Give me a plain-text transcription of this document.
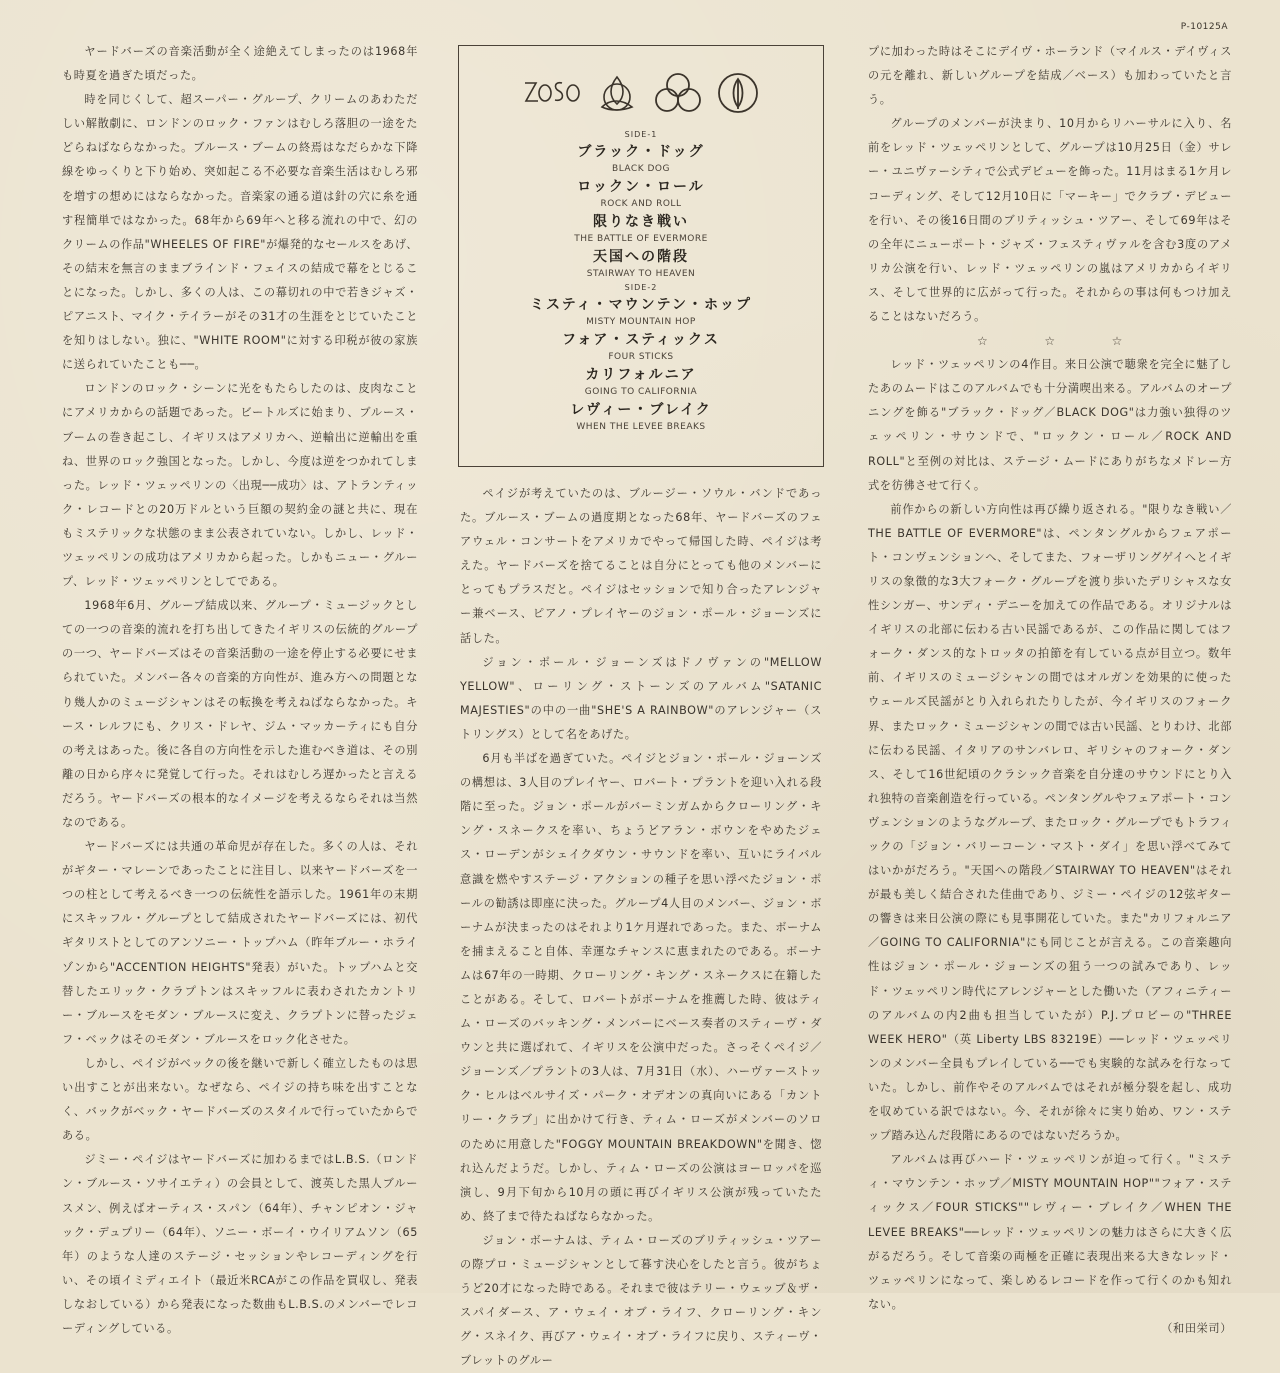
P-10125A

ヤードバーズの音楽活動が全く途絶えてしまったのは1968年も時夏を過ぎた頃だった。

時を同じくして、超スーパー・グループ、クリームのあわただしい解散劇に、ロンドンのロック・ファンはむしろ落胆の一途をたどらねばならなかった。ブルース・ブームの終焉はなだらかな下降線をゆっくりと下り始め、突如起こる不必要な音楽生活はむしろ邪を増すの想めにはならなかった。音楽家の通る道は針の穴に糸を通す程簡単ではなかった。68年から69年へと移る流れの中で、幻のクリームの作品"WHEELES OF FIRE"が爆発的なセールスをあげ、その結末を無言のままブラインド・フェイスの結成で幕をとじることになった。しかし、多くの人は、この幕切れの中で若きジャズ・ピアニスト、マイク・テイラーがその31才の生涯をとじていたことを知りはしない。独に、"WHITE ROOM"に対する印税が彼の家族に送られていたことも──。

ロンドンのロック・シーンに光をもたらしたのは、皮肉なことにアメリカからの話題であった。ビートルズに始まり、ブルース・ブームの巻き起こし、イギリスはアメリカへ、逆輸出に逆輸出を重ね、世界のロック強国となった。しかし、今度は逆をつかれてしまった。レッド・ツェッペリンの〈出現──成功〉は、アトランティック・レコードとの20万ドルという巨額の契約金の謎と共に、現在もミステリックな状態のまま公表されていない。しかし、レッド・ツェッペリンの成功はアメリカから起った。しかもニュー・グループ、レッド・ツェッペリンとしてである。

1968年6月、グループ結成以来、グループ・ミュージックとしての一つの音楽的流れを打ち出してきたイギリスの伝統的グループの一つ、ヤードバーズはその音楽活動の一途を停止する必要にせまられていた。メンバー各々の音楽的方向性が、進み方への問題となり幾人かのミュージシャンはその転換を考えねばならなかった。キース・レルフにも、クリス・ドレヤ、ジム・マッカーティにも自分の考えはあった。後に各自の方向性を示した進むべき道は、その別離の日から序々に発覚して行った。それはむしろ遅かったと言えるだろう。ヤードバーズの根本的なイメージを考えるならそれは当然なのである。

ヤードバーズには共通の革命児が存在した。多くの人は、それがギター・マレーンであったことに注目し、以来ヤードバーズを一つの柱として考えるべき一つの伝統性を語示した。1961年の末期にスキッフル・グループとして結成されたヤードバーズには、初代ギタリストとしてのアンソニー・トップハム（昨年ブルー・ホライゾンから"ACCENTION HEIGHTS"発表）がいた。トップハムと交替したエリック・クラプトンはスキッフルに表わされたカントリー・ブルースをモダン・ブルースに変え、クラプトンに替ったジェフ・ベックはそのモダン・ブルースをロック化させた。

しかし、ペイジがベックの後を継いで新しく確立したものは思い出すことが出来ない。なぜなら、ペイジの持ち味を出すことなく、バックがベック・ヤードバーズのスタイルで行っていたからである。

ジミー・ペイジはヤードバーズに加わるまではL.B.S.（ロンドン・ブルース・ソサイエティ）の会員として、渡英した黒人ブルースメン、例えばオーティス・スパン（64年）、チャンピオン・ジャック・デュプリー（64年）、ソニー・ボーイ・ウイリアムソン（65年）のような人達のステージ・セッションやレコーディングを行い、その頃イミディエイト（最近米RCAがこの作品を買収し、発表しなおしている）から発表になった数曲もL.B.S.のメンバーでレコーディングしている。

SIDE-1
ブラック・ドッグ
BLACK DOG
ロックン・ロール
ROCK AND ROLL
限りなき戦い
THE BATTLE OF EVERMORE
天国への階段
STAIRWAY TO HEAVEN
SIDE-2
ミスティ・マウンテン・ホップ
MISTY MOUNTAIN HOP
フォア・スティックス
FOUR STICKS
カリフォルニア
GOING TO CALIFORNIA
レヴィー・ブレイク
WHEN THE LEVEE BREAKS

ペイジが考えていたのは、ブルージー・ソウル・バンドであった。ブルース・ブームの過度期となった68年、ヤードバーズのフェアウェル・コンサートをアメリカでやって帰国した時、ペイジは考えた。ヤードバーズを捨てることは自分にとっても他のメンバーにとってもプラスだと。ペイジはセッションで知り合ったアレンジャー兼ベース、ピアノ・プレイヤーのジョン・ポール・ジョーンズに話した。

ジョン・ポール・ジョーンズはドノヴァンの"MELLOW YELLOW"、ローリング・ストーンズのアルバム"SATANIC MAJESTIES"の中の一曲"SHE'S A RAINBOW"のアレンジャー（ストリングス）として名をあげた。

6月も半ばを過ぎていた。ペイジとジョン・ポール・ジョーンズの構想は、3人目のプレイヤー、ロバート・プラントを迎い入れる段階に至った。ジョン・ポールがバーミンガムからクローリング・キング・スネークスを率い、ちょうどアラン・ボウンをやめたジェス・ローデンがシェイクダウン・サウンドを率い、互いにライバル意識を燃やすステージ・アクションの種子を思い浮べたジョン・ポールの勧誘は即座に決った。グループ4人目のメンバー、ジョン・ボーナムが決まったのはそれより1ケ月遅れであった。また、ボーナムを捕まえること自体、幸運なチャンスに恵まれたのである。ボーナムは67年の一時期、クローリング・キング・スネークスに在籍したことがある。そして、ロバートがボーナムを推薦した時、彼はティム・ローズのバッキング・メンバーにベース奏者のスティーヴ・ダウンと共に選ばれて、イギリスを公演中だった。さっそくペイジ／ジョーンズ／プラントの3人は、7月31日（水）、ハーヴァーストック・ヒルはベルサイズ・パーク・オデオンの真向いにある「カントリー・クラブ」に出かけて行き、ティム・ローズがメンバーのソロのために用意した"FOGGY MOUNTAIN BREAKDOWN"を聞き、惚れ込んだようだ。しかし、ティム・ローズの公演はヨーロッパを巡演し、9月下旬から10月の頭に再びイギリス公演が残っていたため、終了まで待たねばならなかった。

ジョン・ボーナムは、ティム・ローズのブリティッシュ・ツアーの際プロ・ミュージシャンとして暮す決心をしたと言う。彼がちょうど20才になった時である。それまで彼はテリー・ウェッブ＆ザ・スパイダース、ア・ウェイ・オブ・ライフ、クローリング・キング・スネイク、再びア・ウェイ・オブ・ライフに戻り、スティーヴ・ブレットのグルー

プに加わった時はそこにデイヴ・ホーランド（マイルス・デイヴィスの元を離れ、新しいグループを結成／ベース）も加わっていたと言う。

グループのメンバーが決まり、10月からリハーサルに入り、名前をレッド・ツェッペリンとして、グループは10月25日（金）サレー・ユニヴァーシティで公式デビューを飾った。11月はまる1ケ月レコーディング、そして12月10日に「マーキー」でクラブ・デビューを行い、その後16日間のブリティッシュ・ツアー、そして69年はその全年にニューポート・ジャズ・フェスティヴァルを含む3度のアメリカ公演を行い、レッド・ツェッペリンの嵐はアメリカからイギリス、そして世界的に広がって行った。それからの事は何もつけ加えることはないだろう。

☆	☆	☆

レッド・ツェッペリンの4作目。来日公演で聴衆を完全に魅了したあのムードはこのアルバムでも十分満喫出来る。アルバムのオープニングを飾る"ブラック・ドッグ／BLACK DOG"は力強い独得のツェッペリン・サウンドで、"ロックン・ロール／ROCK AND ROLL"と至例の対比は、ステージ・ムードにありがちなメドレー方式を彷彿させて行く。

前作からの新しい方向性は再び繰り返される。"限りなき戦い／THE BATTLE OF EVERMORE"は、ペンタングルからフェアポート・コンヴェンションへ、そしてまた、フォーザリングゲイへとイギリスの象徴的な3大フォーク・グループを渡り歩いたデリシャスな女性シンガー、サンディ・デニーを加えての作品である。オリジナルはイギリスの北部に伝わる古い民謡であるが、この作品に関してはフォーク・ダンス的なトロッタの拍節を有している点が目立つ。数年前、イギリスのミュージシャンの間ではオルガンを効果的に使ったウェールズ民謡がとり入れられたりしたが、今イギリスのフォーク界、またロック・ミュージシャンの間では古い民謡、とりわけ、北部に伝わる民謡、イタリアのサンバレロ、ギリシャのフォーク・ダンス、そして16世紀頃のクラシック音楽を自分達のサウンドにとり入れ独特の音楽創造を行っている。ペンタングルやフェアポート・コンヴェンションのようなグループ、またロック・グループでもトラフィックの「ジョン・バリーコーン・マスト・ダイ」を思い浮べてみてはいかがだろう。"天国への階段／STAIRWAY TO HEAVEN"はそれが最も美しく結合された佳曲であり、ジミー・ペイジの12弦ギターの響きは来日公演の際にも見事開花していた。また"カリフォルニア／GOING TO CALIFORNIA"にも同じことが言える。この音楽趣向性はジョン・ポール・ジョーンズの狙う一つの試みであり、レッド・ツェッペリン時代にアレンジャーとした働いた（アフィニティーのアルバムの内2曲も担当していたが）P.J.プロビーの"THREE WEEK HERO"（英 Liberty LBS 83219E）──レッド・ツェッペリンのメンバー全員もプレイしている──でも実験的な試みを行なっていた。しかし、前作やそのアルバムではそれが極分裂を起し、成功を収めている訳ではない。今、それが徐々に実り始め、ワン・ステップ踏み込んだ段階にあるのではないだろうか。

アルバムは再びハード・ツェッペリンが迫って行く。"ミスティ・マウンテン・ホップ／MISTY MOUNTAIN HOP""フォア・スティックス／FOUR STICKS""レヴィー・ブレイク／WHEN THE LEVEE BREAKS"──レッド・ツェッペリンの魅力はさらに大きく広がるだろう。そして音楽の両極を正確に表現出来る大きなレッド・ツェッペリンになって、楽しめるレコードを作って行くのかも知れない。

（和田栄司）
